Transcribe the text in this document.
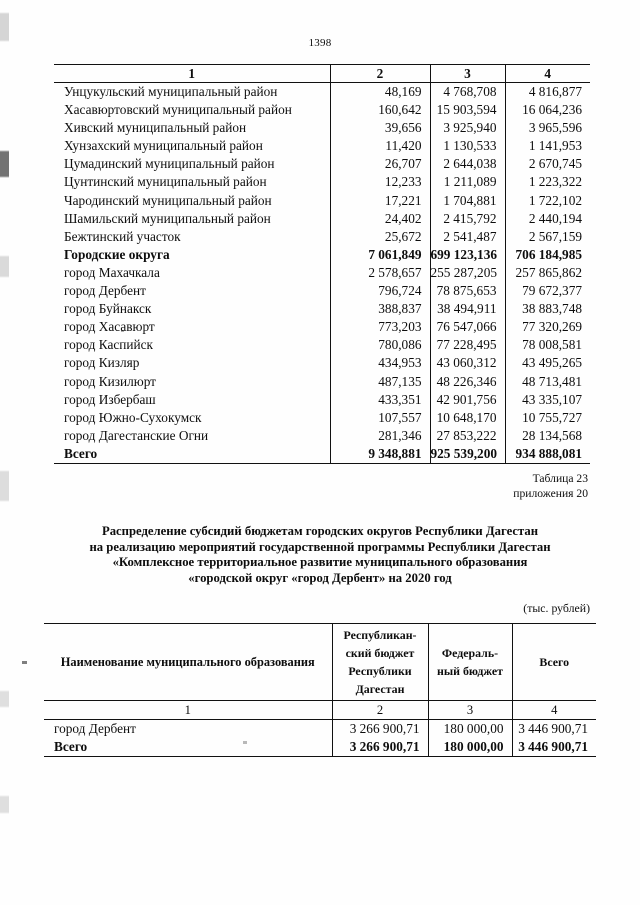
1398
1	2	3	4
Унцукульский муниципальный район	48,169	4 768,708	4 816,877
Хасавюртовский муниципальный район	160,642	15 903,594	16 064,236
Хивский муниципальный район	39,656	3 925,940	3 965,596
Хунзахский муниципальный район	11,420	1 130,533	1 141,953
Цумадинский муниципальный район	26,707	2 644,038	2 670,745
Цунтинский муниципальный район	12,233	1 211,089	1 223,322
Чародинский муниципальный район	17,221	1 704,881	1 722,102
Шамильский муниципальный район	24,402	2 415,792	2 440,194
Бежтинский участок	25,672	2 541,487	2 567,159
Городские округа	7 061,849	699 123,136	706 184,985
город Махачкала	2 578,657	255 287,205	257 865,862
город Дербент	796,724	78 875,653	79 672,377
город Буйнакск	388,837	38 494,911	38 883,748
город Хасавюрт	773,203	76 547,066	77 320,269
город Каспийск	780,086	77 228,495	78 008,581
город Кизляр	434,953	43 060,312	43 495,265
город Кизилюрт	487,135	48 226,346	48 713,481
город Избербаш	433,351	42 901,756	43 335,107
город Южно-Сухокумск	107,557	10 648,170	10 755,727
город Дагестанские Огни	281,346	27 853,222	28 134,568
Всего	9 348,881	925 539,200	934 888,081
Таблица 23
приложения 20
Распределение субсидий бюджетам городских округов Республики Дагестан
на реализацию мероприятий государственной программы Республики Дагестан
«Комплексное территориальное развитие муниципального образования
«городской округ «город Дербент» на 2020 год
(тыс. рублей)
Наименование муниципального образования	Республикан-ский бюджет Республики Дагестан	Федераль-ный бюджет	Всего
1	2	3	4
город Дербент	3 266 900,71	180 000,00	3 446 900,71
Всего	3 266 900,71	180 000,00	3 446 900,71
